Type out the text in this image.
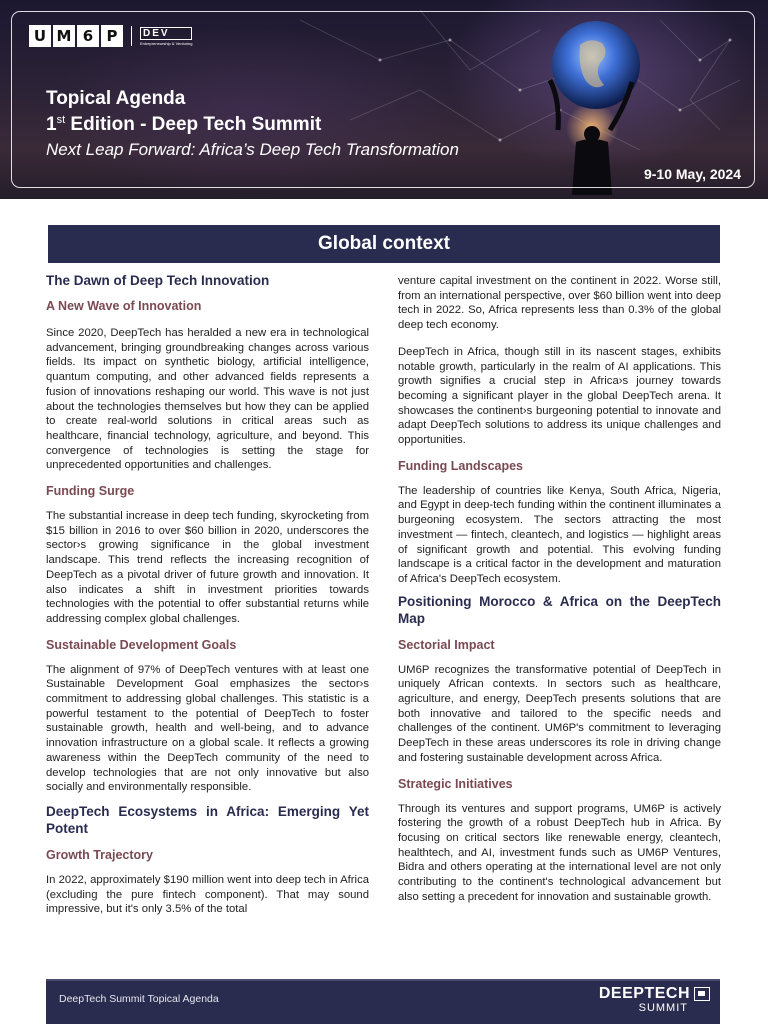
U M 6 P	DEV
Entrepreneurship & Venturing
Topical Agenda
1st Edition - Deep Tech Summit
Next Leap Forward: Africa’s Deep Tech Transformation
9-10 May, 2024
Global context
The Dawn of Deep Tech Innovation
A New Wave of Innovation
Since 2020, DeepTech has heralded a new era in technological advancement, bringing groundbreaking changes across various fields. Its impact on synthetic biology, artificial intelligence, quantum computing, and other advanced fields represents a fusion of innovations reshaping our world. This wave is not just about the technologies themselves but how they can be applied to create real-world solutions in critical areas such as healthcare, financial technology, agriculture, and beyond. This convergence of technologies is setting the stage for unprecedented opportunities and challenges.
Funding Surge
The substantial increase in deep tech funding, skyrocketing from $15 billion in 2016 to over $60 billion in 2020, underscores the sector›s growing significance in the global investment landscape. This trend reflects the increasing recognition of DeepTech as a pivotal driver of future growth and innovation. It also indicates a shift in investment priorities towards technologies with the potential to offer substantial returns while addressing complex global challenges.
Sustainable Development Goals
The alignment of 97% of DeepTech ventures with at least one Sustainable Development Goal emphasizes the sector›s commitment to addressing global challenges. This statistic is a powerful testament to the potential of DeepTech to foster sustainable growth, health and well-being, and to advance innovation infrastructure on a global scale. It reflects a growing awareness within the DeepTech community of the need to develop technologies that are not only innovative but also socially and environmentally responsible.
DeepTech Ecosystems in Africa: Emerging Yet Potent
Growth Trajectory
In 2022, approximately $190 million went into deep tech in Africa (excluding the pure fintech component). That may sound impressive, but it's only 3.5% of the total
venture capital investment on the continent in 2022. Worse still, from an international perspective, over $60 billion went into deep tech in 2022. So, Africa represents less than 0.3% of the global deep tech economy.
DeepTech in Africa, though still in its nascent stages, exhibits notable growth, particularly in the realm of AI applications. This growth signifies a crucial step in Africa›s journey towards becoming a significant player in the global DeepTech arena. It showcases the continent›s burgeoning potential to innovate and adapt DeepTech solutions to address its unique challenges and opportunities.
Funding Landscapes
The leadership of countries like Kenya, South Africa, Nigeria, and Egypt in deep-tech funding within the continent illuminates a burgeoning ecosystem. The sectors attracting the most investment — fintech, cleantech, and logistics — highlight areas of significant growth and potential. This evolving funding landscape is a critical factor in the development and maturation of Africa's DeepTech ecosystem.
Positioning Morocco & Africa on the DeepTech Map
Sectorial Impact
UM6P recognizes the transformative potential of DeepTech in uniquely African contexts. In sectors such as healthcare, agriculture, and energy, DeepTech presents solutions that are both innovative and tailored to the specific needs and challenges of the continent. UM6P's commitment to leveraging DeepTech in these areas underscores its role in driving change and fostering sustainable development across Africa.
Strategic Initiatives
Through its ventures and support programs, UM6P is actively fostering the growth of a robust DeepTech hub in Africa. By focusing on critical sectors like renewable energy, cleantech, healthtech, and AI, investment funds such as UM6P Ventures, Bidra and others operating at the international level are not only contributing to the continent's technological advancement but also setting a precedent for innovation and sustainable growth.
DeepTech Summit Topical Agenda	DEEPTECH
SUMMIT
